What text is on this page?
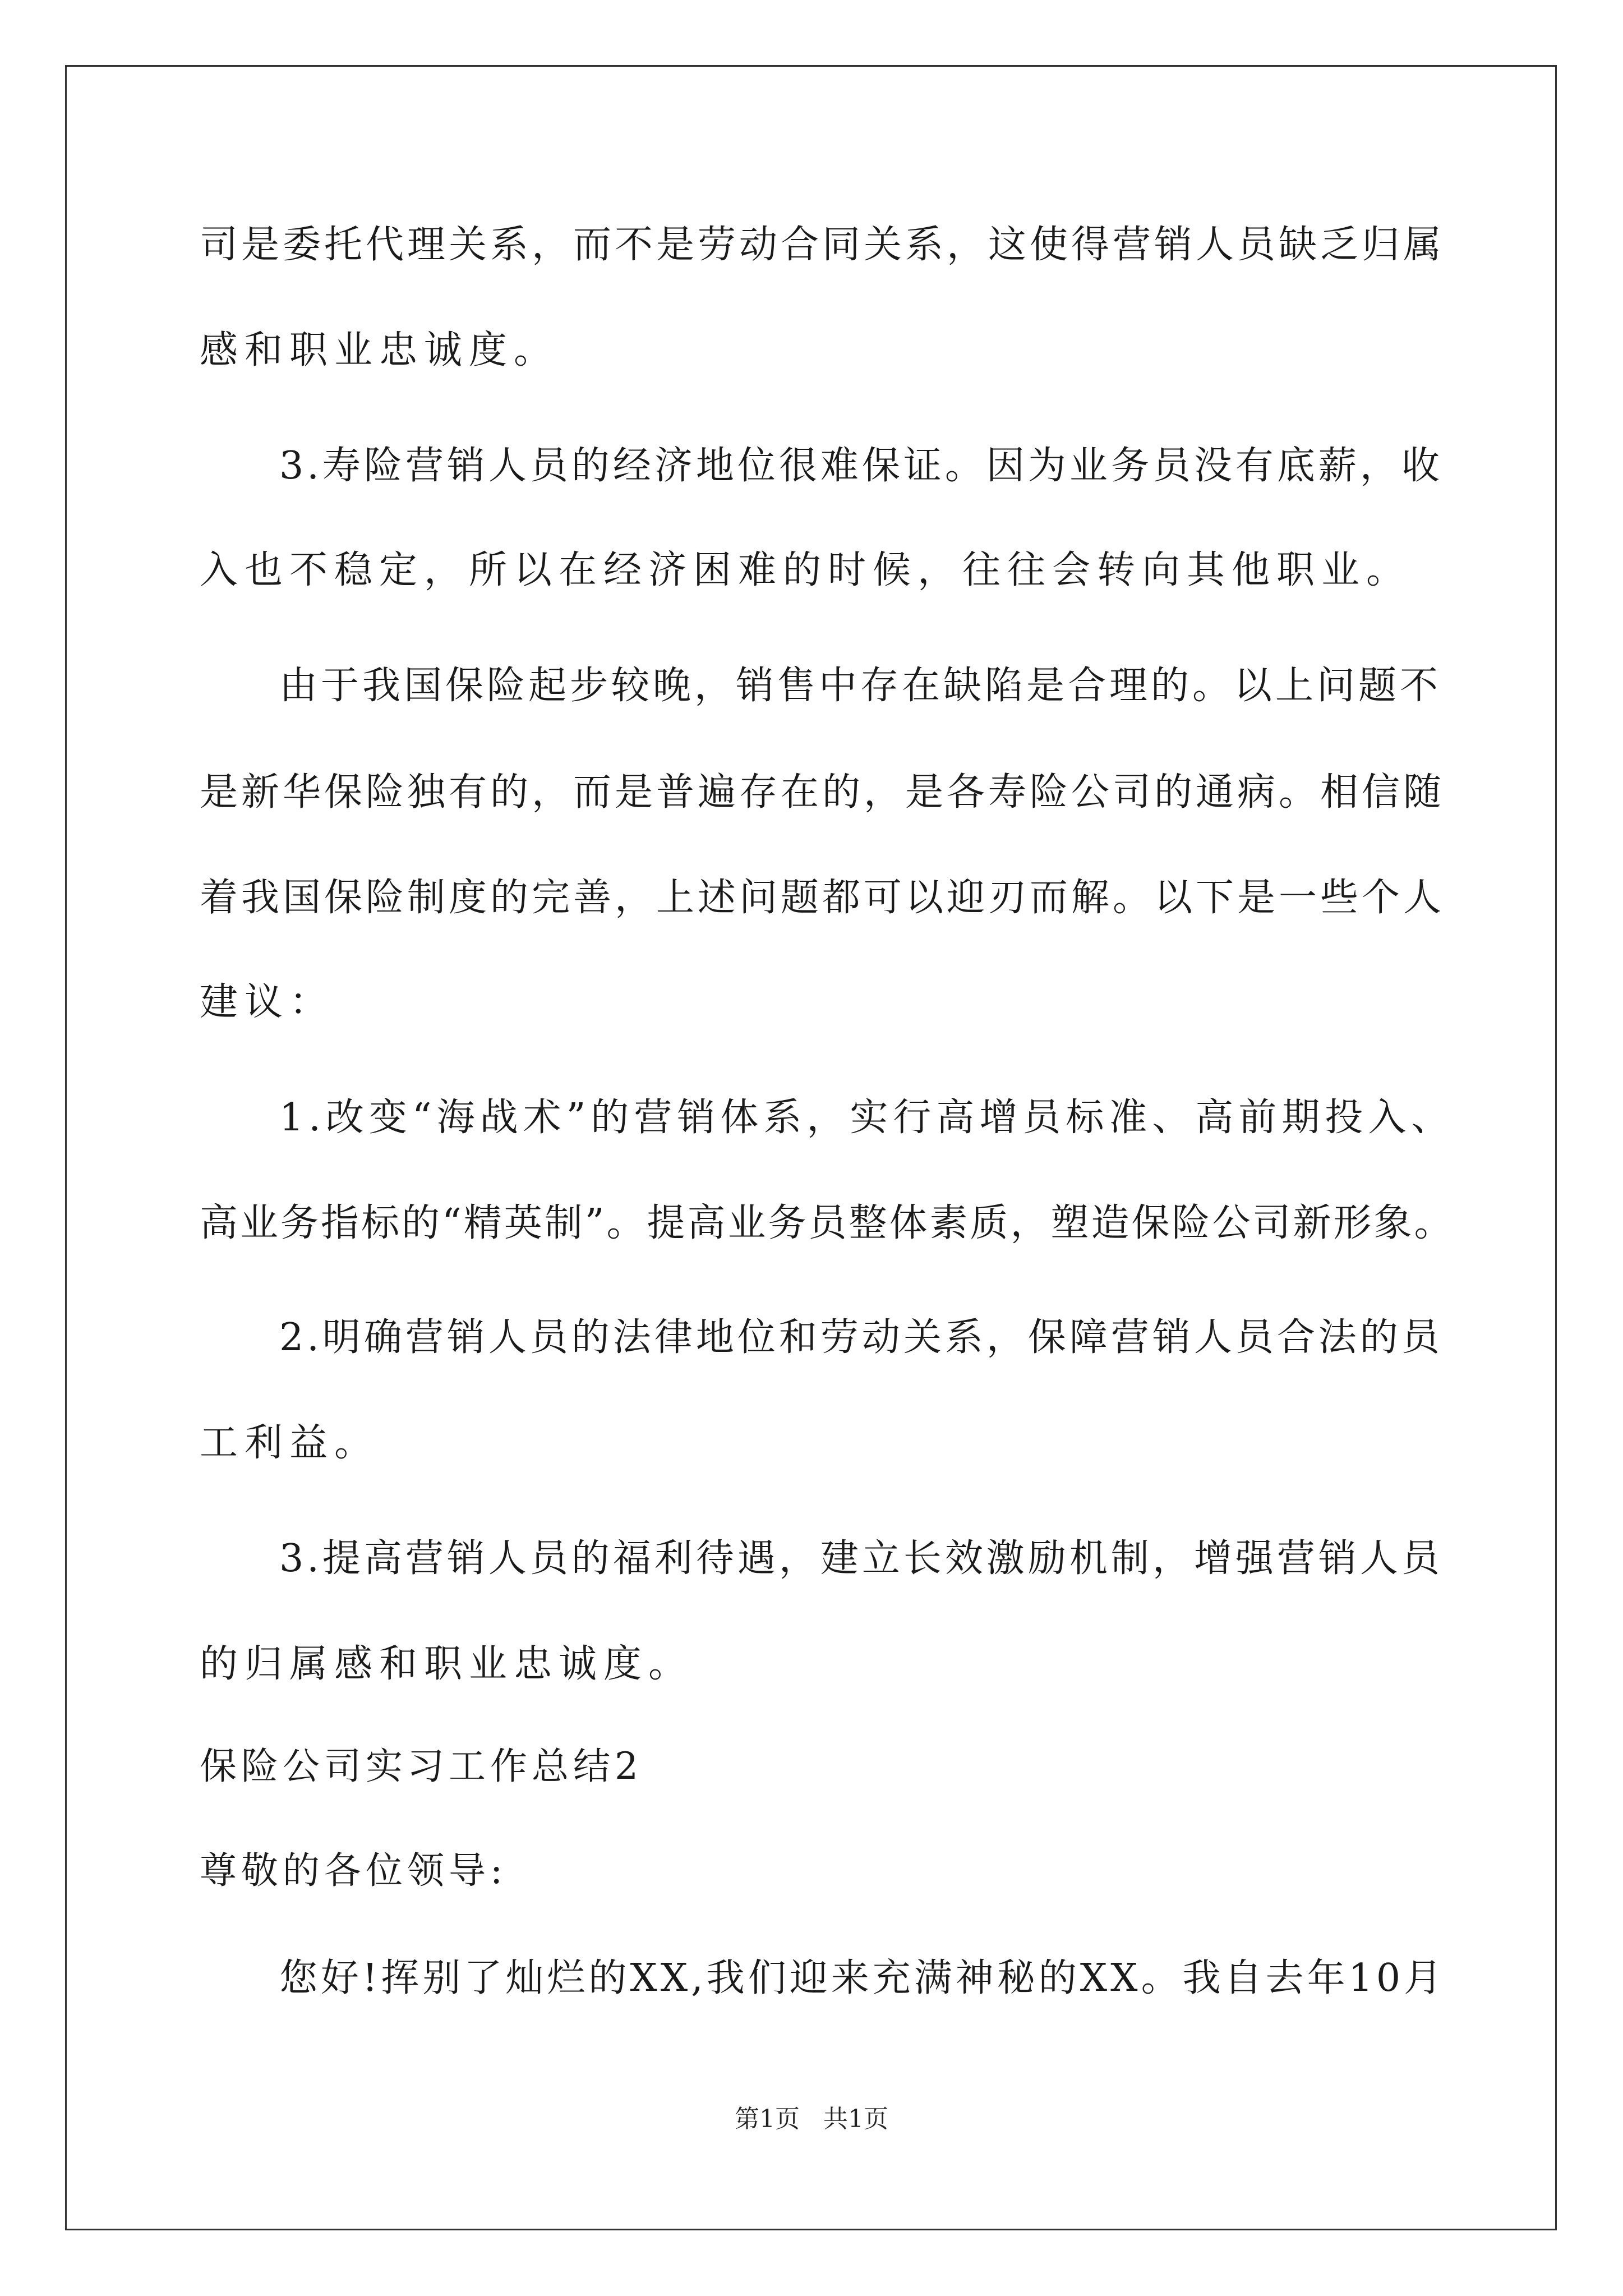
司是委托代理关系，而不是劳动合同关系，这使得营销人员缺乏归属
感和职业忠诚度。
3.寿险营销人员的经济地位很难保证。因为业务员没有底薪，收
入也不稳定，所以在经济困难的时候，往往会转向其他职业。
由于我国保险起步较晚，销售中存在缺陷是合理的。以上问题不
是新华保险独有的，而是普遍存在的，是各寿险公司的通病。相信随
着我国保险制度的完善，上述问题都可以迎刃而解。以下是一些个人
建议：
1.改变“海战术”的营销体系，实行高增员标准、高前期投入、
高业务指标的“精英制”。提高业务员整体素质，塑造保险公司新形象。
2.明确营销人员的法律地位和劳动关系，保障营销人员合法的员
工利益。
3.提高营销人员的福利待遇，建立长效激励机制，增强营销人员
的归属感和职业忠诚度。
保险公司实习工作总结2
尊敬的各位领导:
您好!挥别了灿烂的XX,我们迎来充满神秘的XX。我自去年10月
第1页   共1页
